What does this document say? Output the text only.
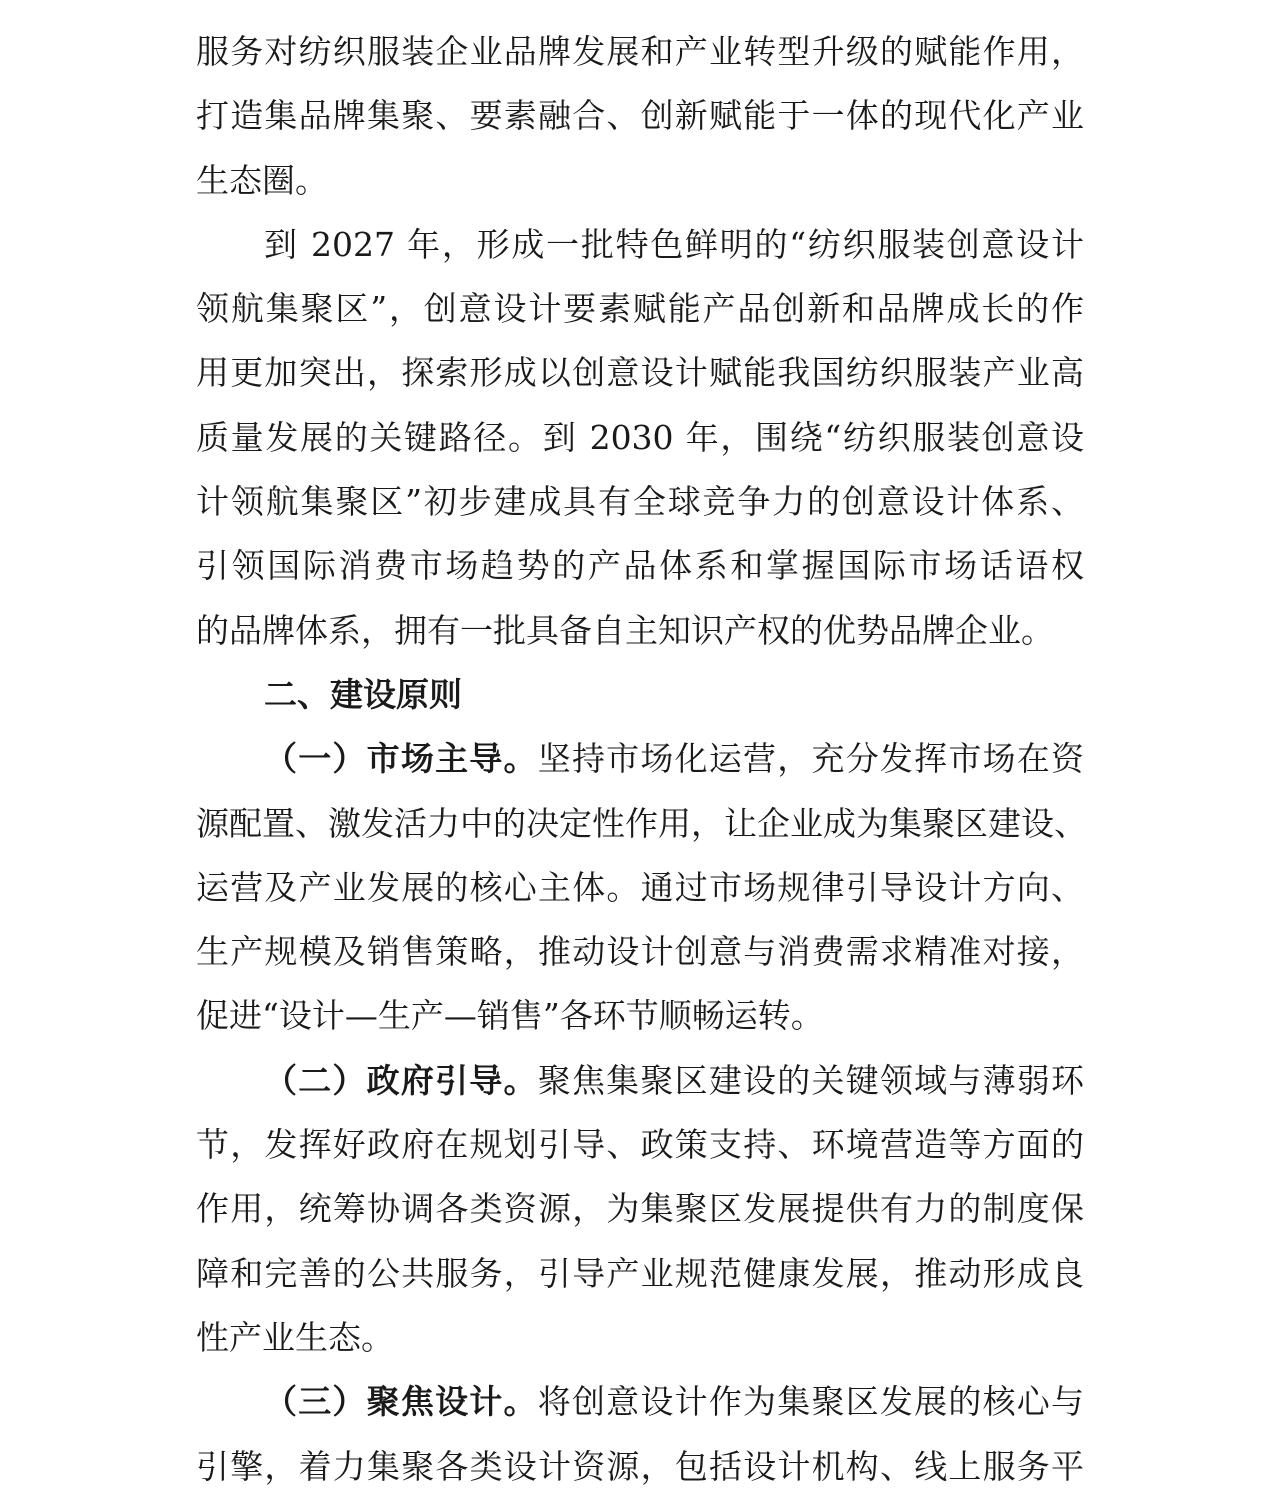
服务对纺织服装企业品牌发展和产业转型升级的赋能作用，
打造集品牌集聚、要素融合、创新赋能于一体的现代化产业
生态圈。
到 2027 年，形成一批特色鲜明的“纺织服装创意设计
领航集聚区”，创意设计要素赋能产品创新和品牌成长的作
用更加突出，探索形成以创意设计赋能我国纺织服装产业高
质量发展的关键路径。到 2030 年，围绕“纺织服装创意设
计领航集聚区”初步建成具有全球竞争力的创意设计体系、
引领国际消费市场趋势的产品体系和掌握国际市场话语权
的品牌体系，拥有一批具备自主知识产权的优势品牌企业。
二、建设原则
（一）市场主导。坚持市场化运营，充分发挥市场在资
源配置、激发活力中的决定性作用，让企业成为集聚区建设、
运营及产业发展的核心主体。通过市场规律引导设计方向、
生产规模及销售策略，推动设计创意与消费需求精准对接，
促进“设计—生产—销售”各环节顺畅运转。
（二）政府引导。聚焦集聚区建设的关键领域与薄弱环
节，发挥好政府在规划引导、政策支持、环境营造等方面的
作用，统筹协调各类资源，为集聚区发展提供有力的制度保
障和完善的公共服务，引导产业规范健康发展，推动形成良
性产业生态。
（三）聚焦设计。将创意设计作为集聚区发展的核心与
引擎，着力集聚各类设计资源，包括设计机构、线上服务平
